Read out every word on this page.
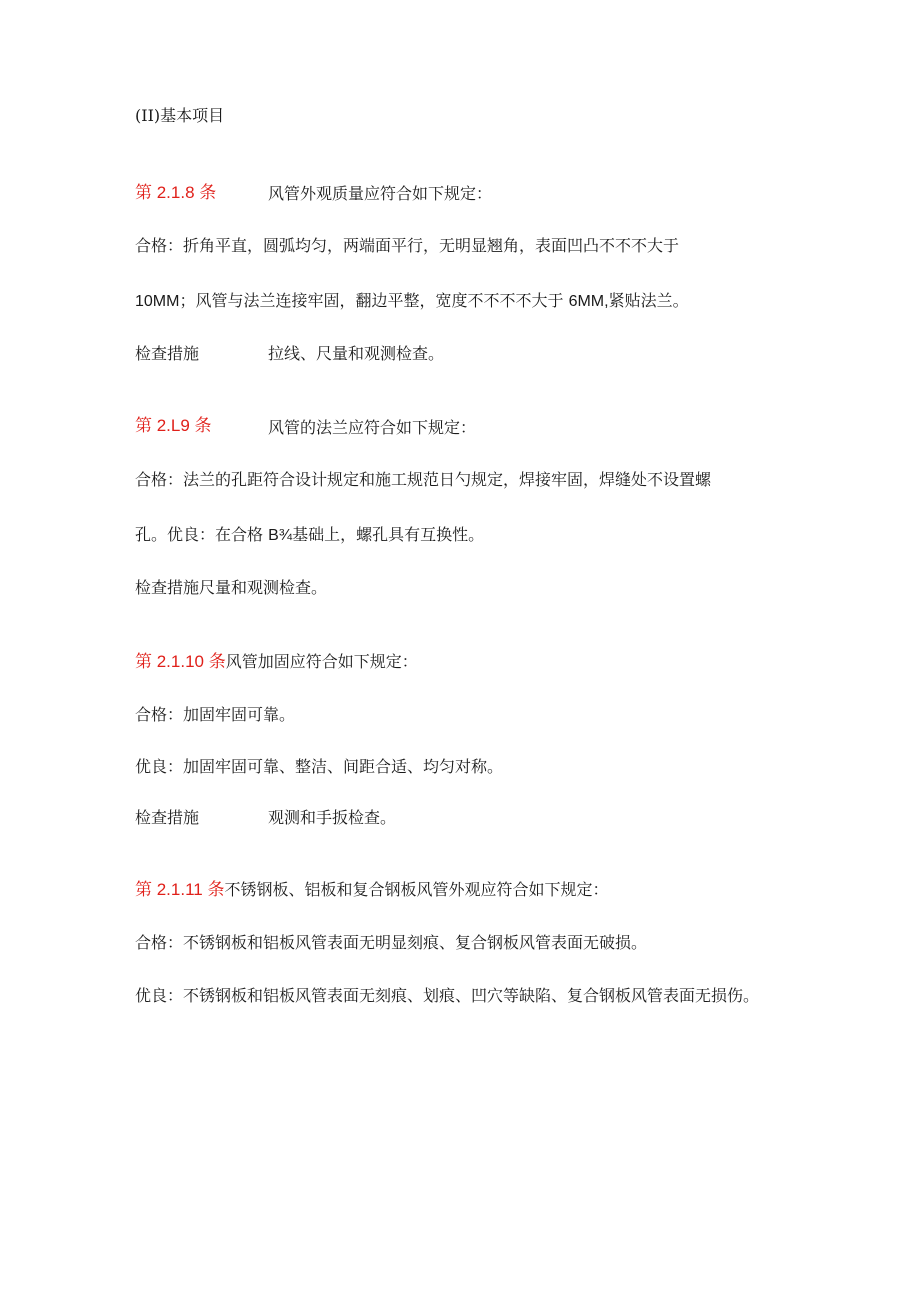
(II)基本项目
第 2.1.8 条	风管外观质量应符合如下规定：
合格：折角平直，圆弧均匀，两端面平行，无明显翘角，表面凹凸不不不大于
10MM；风管与法兰连接牢固，翻边平整，宽度不不不不大于 6MM,紧贴法兰。
检查措施	拉线、尺量和观测检查。
第 2.L9 条	风管的法兰应符合如下规定：
合格：法兰的孔距符合设计规定和施工规范日勺规定，焊接牢固，焊缝处不设置螺
孔。优良：在合格 B¾基础上，螺孔具有互换性。
检查措施尺量和观测检查。
第 2.1.10 条风管加固应符合如下规定：
合格：加固牢固可靠。
优良：加固牢固可靠、整洁、间距合适、均匀对称。
检查措施	观测和手扳检查。
第 2.1.11 条不锈钢板、铝板和复合钢板风管外观应符合如下规定：
合格：不锈钢板和铝板风管表面无明显刻痕、复合钢板风管表面无破损。
优良：不锈钢板和铝板风管表面无刻痕、划痕、凹穴等缺陷、复合钢板风管表面无损伤。
